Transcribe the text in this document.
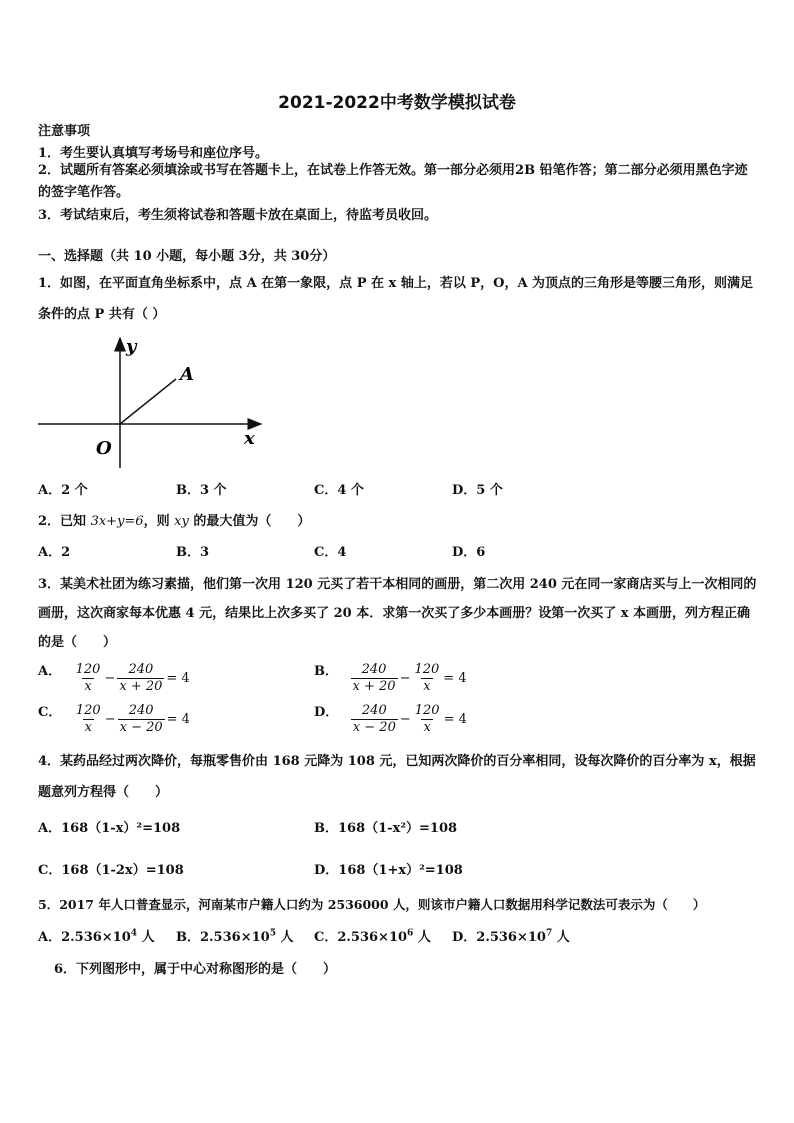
2021-2022中考数学模拟试卷
注意事项
1．考生要认真填写考场号和座位序号。
2．试题所有答案必须填涂或书写在答题卡上，在试卷上作答无效。第一部分必须用2B 铅笔作答；第二部分必须用黑色字迹的签字笔作答。
3．考试结束后，考生须将试卷和答题卡放在桌面上，待监考员收回。
一、选择题（共 10 小题，每小题 3分，共 30分）
1．如图，在平面直角坐标系中，点 A 在第一象限，点 P 在 x 轴上，若以 P，O，A 为顶点的三角形是等腰三角形，则满足条件的点 P 共有（ ）
y
x
O
A
A．2 个	B．3 个	C．4 个	D．5 个
2．已知 3x+y=6，则 xy 的最大值为（　　）
A．2	B．3	C．4	D．6
3．某美术社团为练习素描，他们第一次用 120 元买了若干本相同的画册，第二次用 240 元在同一家商店买与上一次相同的画册，这次商家每本优惠 4 元，结果比上次多买了 20 本．求第一次买了多少本画册？设第一次买了 x 本画册，列方程正确的是（　　）
A． $\frac{120}{x} - \frac{240}{x + 20} = 4$	B． $\frac{240}{x + 20} - \frac{120}{x} = 4$
C． $\frac{120}{x} - \frac{240}{x - 20} = 4$	D． $\frac{240}{x - 20} - \frac{120}{x} = 4$
4．某药品经过两次降价，每瓶零售价由 168 元降为 108 元，已知两次降价的百分率相同，设每次降价的百分率为 x，根据题意列方程得（　　）
A．168（1-x）²=108	B．168（1-x²）=108
C．168（1-2x）=108	D．168（1+x）²=108
5．2017 年人口普查显示，河南某市户籍人口约为 2536000 人，则该市户籍人口数据用科学记数法可表示为（　　）
A．$2.536\times 10^4$ 人 B．$2.536\times 10^5$ 人 C．$2.536\times 10^6$ 人 D．$2.536\times 10^7$ 人
6．下列图形中，属于中心对称图形的是（　　）
